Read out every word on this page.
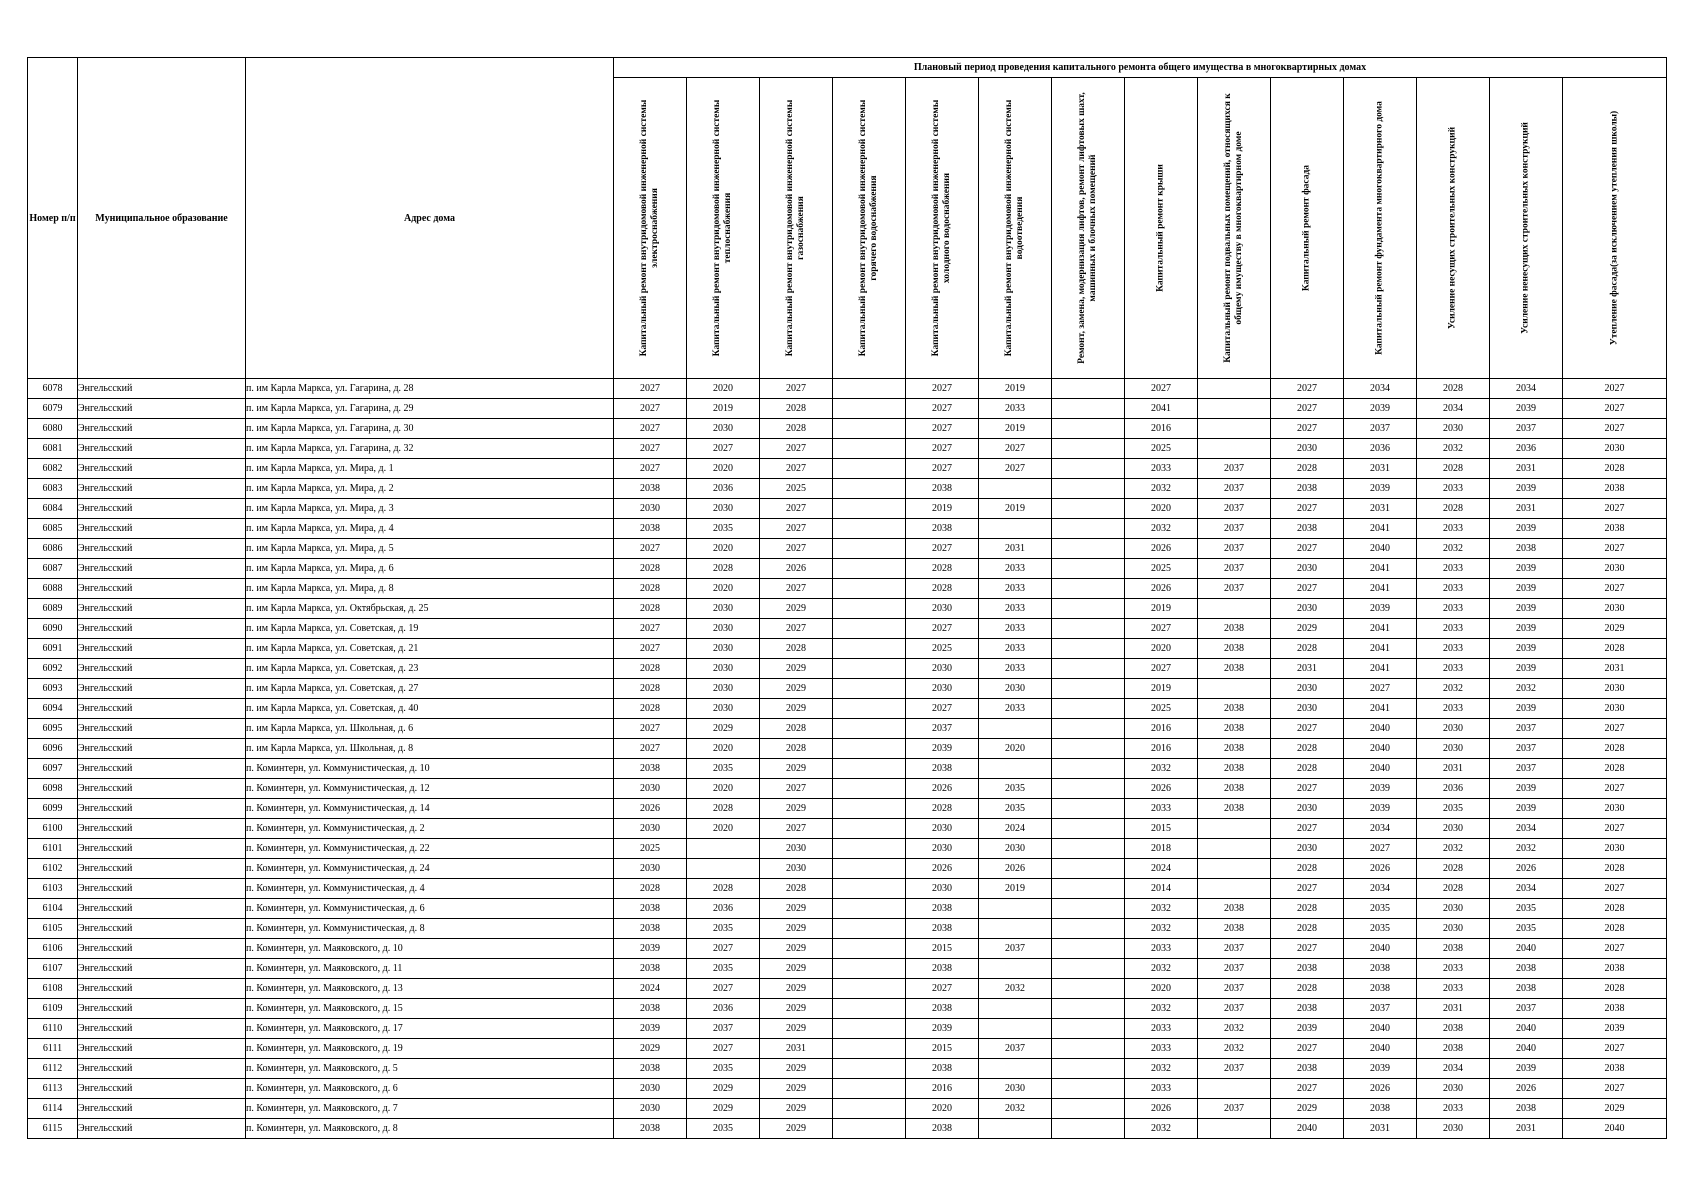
Номер п/п	Муниципальное образование	Адрес дома	Плановый период проведения капитального ремонта общего имущества в многоквартирных домах													

			Капитальный ремонт внутридомовой инженерной системы электроснабжения	Капитальный ремонт внутридомовой инженерной системы теплоснабжения	Капитальный ремонт внутридомовой инженерной системы газоснабжения	Капитальный ремонт внутридомовой инженерной системы горячего водоснабжения	Капитальный ремонт внутридомовой инженерной системы холодного водоснабжения	Капитальный ремонт внутридомовой инженерной системы водоотведения	Ремонт, замена, модернизация лифтов, ремонт лифтовых шахт, машинных и блочных помещений	Капитальный ремонт крыши	Капитальный ремонт подвальных помещений, относящихся к общему имуществу в многоквартирном доме	Капитальный ремонт фасада	Капитальный ремонт фундамента многоквартирного дома	Усиление несущих строительных конструкций	Усиление ненесущих строительных конструкций	Утепление фасада(за исключением утепления школы)

6078	Энгельсский	п. им Карла Маркса, ул. Гагарина, д. 28	2027	2020	2027		2027	2019		2027		2027	2034	2028	2034	2027
6079	Энгельсский	п. им Карла Маркса, ул. Гагарина, д. 29	2027	2019	2028		2027	2033		2041		2027	2039	2034	2039	2027
6080	Энгельсский	п. им Карла Маркса, ул. Гагарина, д. 30	2027	2030	2028		2027	2019		2016		2027	2037	2030	2037	2027
6081	Энгельсский	п. им Карла Маркса, ул. Гагарина, д. 32	2027	2027	2027		2027	2027		2025		2030	2036	2032	2036	2030
6082	Энгельсский	п. им Карла Маркса, ул. Мира, д. 1	2027	2020	2027		2027	2027		2033	2037	2028	2031	2028	2031	2028
6083	Энгельсский	п. им Карла Маркса, ул. Мира, д. 2	2038	2036	2025		2038			2032	2037	2038	2039	2033	2039	2038
6084	Энгельсский	п. им Карла Маркса, ул. Мира, д. 3	2030	2030	2027		2019	2019		2020	2037	2027	2031	2028	2031	2027
6085	Энгельсский	п. им Карла Маркса, ул. Мира, д. 4	2038	2035	2027		2038			2032	2037	2038	2041	2033	2039	2038
6086	Энгельсский	п. им Карла Маркса, ул. Мира, д. 5	2027	2020	2027		2027	2031		2026	2037	2027	2040	2032	2038	2027
6087	Энгельсский	п. им Карла Маркса, ул. Мира, д. 6	2028	2028	2026		2028	2033		2025	2037	2030	2041	2033	2039	2030
6088	Энгельсский	п. им Карла Маркса, ул. Мира, д. 8	2028	2020	2027		2028	2033		2026	2037	2027	2041	2033	2039	2027
6089	Энгельсский	п. им Карла Маркса, ул. Октябрьская, д. 25	2028	2030	2029		2030	2033		2019		2030	2039	2033	2039	2030
6090	Энгельсский	п. им Карла Маркса, ул. Советская, д. 19	2027	2030	2027		2027	2033		2027	2038	2029	2041	2033	2039	2029
6091	Энгельсский	п. им Карла Маркса, ул. Советская, д. 21	2027	2030	2028		2025	2033		2020	2038	2028	2041	2033	2039	2028
6092	Энгельсский	п. им Карла Маркса, ул. Советская, д. 23	2028	2030	2029		2030	2033		2027	2038	2031	2041	2033	2039	2031
6093	Энгельсский	п. им Карла Маркса, ул. Советская, д. 27	2028	2030	2029		2030	2030		2019		2030	2027	2032	2032	2030
6094	Энгельсский	п. им Карла Маркса, ул. Советская, д. 40	2028	2030	2029		2027	2033		2025	2038	2030	2041	2033	2039	2030
6095	Энгельсский	п. им Карла Маркса, ул. Школьная, д. 6	2027	2029	2028		2037			2016	2038	2027	2040	2030	2037	2027
6096	Энгельсский	п. им Карла Маркса, ул. Школьная, д. 8	2027	2020	2028		2039	2020		2016	2038	2028	2040	2030	2037	2028
6097	Энгельсский	п. Коминтерн, ул. Коммунистическая, д. 10	2038	2035	2029		2038			2032	2038	2028	2040	2031	2037	2028
6098	Энгельсский	п. Коминтерн, ул. Коммунистическая, д. 12	2030	2020	2027		2026	2035		2026	2038	2027	2039	2036	2039	2027
6099	Энгельсский	п. Коминтерн, ул. Коммунистическая, д. 14	2026	2028	2029		2028	2035		2033	2038	2030	2039	2035	2039	2030
6100	Энгельсский	п. Коминтерн, ул. Коммунистическая, д. 2	2030	2020	2027		2030	2024		2015		2027	2034	2030	2034	2027
6101	Энгельсский	п. Коминтерн, ул. Коммунистическая, д. 22	2025		2030		2030	2030		2018		2030	2027	2032	2032	2030
6102	Энгельсский	п. Коминтерн, ул. Коммунистическая, д. 24	2030		2030		2026	2026		2024		2028	2026	2028	2026	2028
6103	Энгельсский	п. Коминтерн, ул. Коммунистическая, д. 4	2028	2028	2028		2030	2019		2014		2027	2034	2028	2034	2027
6104	Энгельсский	п. Коминтерн, ул. Коммунистическая, д. 6	2038	2036	2029		2038			2032	2038	2028	2035	2030	2035	2028
6105	Энгельсский	п. Коминтерн, ул. Коммунистическая, д. 8	2038	2035	2029		2038			2032	2038	2028	2035	2030	2035	2028
6106	Энгельсский	п. Коминтерн, ул. Маяковского, д. 10	2039	2027	2029		2015	2037		2033	2037	2027	2040	2038	2040	2027
6107	Энгельсский	п. Коминтерн, ул. Маяковского, д. 11	2038	2035	2029		2038			2032	2037	2038	2038	2033	2038	2038
6108	Энгельсский	п. Коминтерн, ул. Маяковского, д. 13	2024	2027	2029		2027	2032		2020	2037	2028	2038	2033	2038	2028
6109	Энгельсский	п. Коминтерн, ул. Маяковского, д. 15	2038	2036	2029		2038			2032	2037	2038	2037	2031	2037	2038
6110	Энгельсский	п. Коминтерн, ул. Маяковского, д. 17	2039	2037	2029		2039			2033	2032	2039	2040	2038	2040	2039
6111	Энгельсский	п. Коминтерн, ул. Маяковского, д. 19	2029	2027	2031		2015	2037		2033	2032	2027	2040	2038	2040	2027
6112	Энгельсский	п. Коминтерн, ул. Маяковского, д. 5	2038	2035	2029		2038			2032	2037	2038	2039	2034	2039	2038
6113	Энгельсский	п. Коминтерн, ул. Маяковского, д. 6	2030	2029	2029		2016	2030		2033		2027	2026	2030	2026	2027
6114	Энгельсский	п. Коминтерн, ул. Маяковского, д. 7	2030	2029	2029		2020	2032		2026	2037	2029	2038	2033	2038	2029
6115	Энгельсский	п. Коминтерн, ул. Маяковского, д. 8	2038	2035	2029		2038			2032		2040	2031	2030	2031	2040
